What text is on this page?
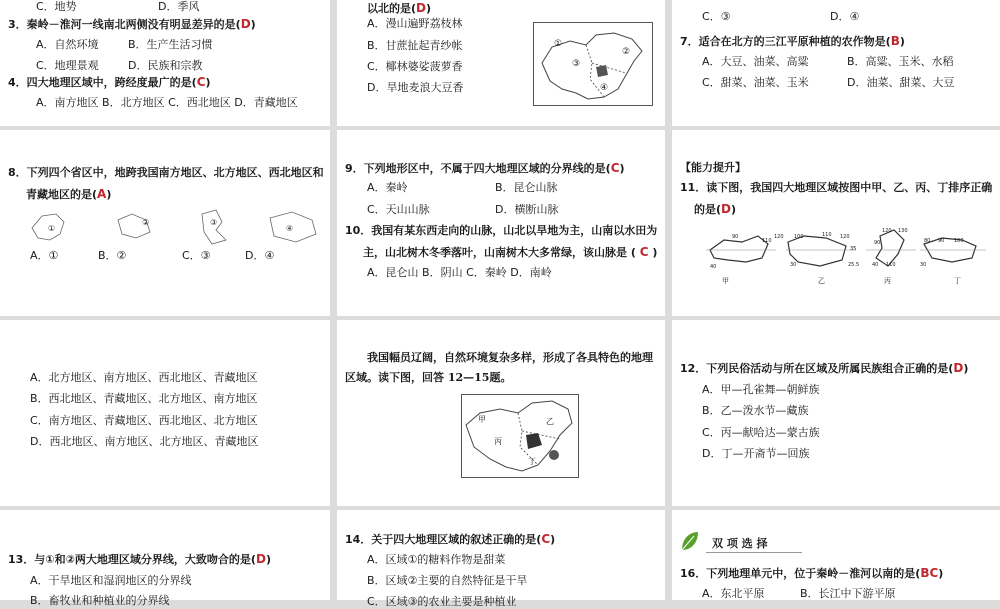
C．地势	D．季风
3．秦岭－淮河一线南北两侧没有明显差异的是(D)
A．自然环境	B．生产生活习惯
C．地理景观	D．民族和宗教
4．四大地理区域中，跨经度最广的是(C)
A．南方地区 B．北方地区 C．西北地区 D．青藏地区
以北的是(D)
A．漫山遍野荔枝林
B．甘蔗扯起青纱帐
C．椰林婆娑菠萝香
D．旱地麦浪大豆香
①
②
③
④
C．③	D．④
7．适合在北方的三江平原种植的农作物是(B)
A．大豆、油菜、高粱	B．高粱、玉米、水稻
C．甜菜、油菜、玉米	D．油菜、甜菜、大豆
8．下列四个省区中，地跨我国南方地区、北方地区、西北地区和
青藏地区的是(A)
①
②	③
④
A．①	B．②	C．③	D．④
9．下列地形区中，不属于四大地理区域的分界线的是(C)
A．秦岭	B．昆仑山脉
C．天山山脉	D．横断山脉
10．我国有某东西走向的山脉，山北以旱地为主，山南以水田为
主，山北树木冬季落叶，山南树木大多常绿，该山脉是 ( C )
A．昆仑山 B．阴山 C．秦岭 D．南岭
【能力提升】
11．读下图，我国四大地理区域按图中甲、乙、丙、丁排序正确
的是(D)
90
110
120
40
100	110 120
30
35
25.5
120 130
90
40 110
80 90 100
30
甲	乙	丙	丁
A．北方地区、南方地区、西北地区、青藏地区
B．西北地区、青藏地区、北方地区、南方地区
C．南方地区、青藏地区、西北地区、北方地区
D．西北地区、南方地区、北方地区、青藏地区
我国幅员辽阔，自然环境复杂多样，形成了各具特色的地理
区域。读下图，回答 12—15题。
甲	乙
丙
丁
12．下列民俗活动与所在区域及所属民族组合正确的是(D)
A．甲—孔雀舞—朝鲜族
B．乙—泼水节—藏族
C．丙—献哈达—蒙古族
D．丁—开斋节—回族
13．与①和②两大地理区域分界线，大致吻合的是(D)
A．干旱地区和湿润地区的分界线
B．畜牧业和种植业的分界线
14．关于四大地理区域的叙述正确的是(C)
A．区域①的糖料作物是甜菜
B．区域②主要的自然特征是干旱
C．区域③的农业主要是种植业
双 项 选 择
16．下列地理单元中，位于秦岭－淮河以南的是(BC)
A．东北平原	B．长江中下游平原
